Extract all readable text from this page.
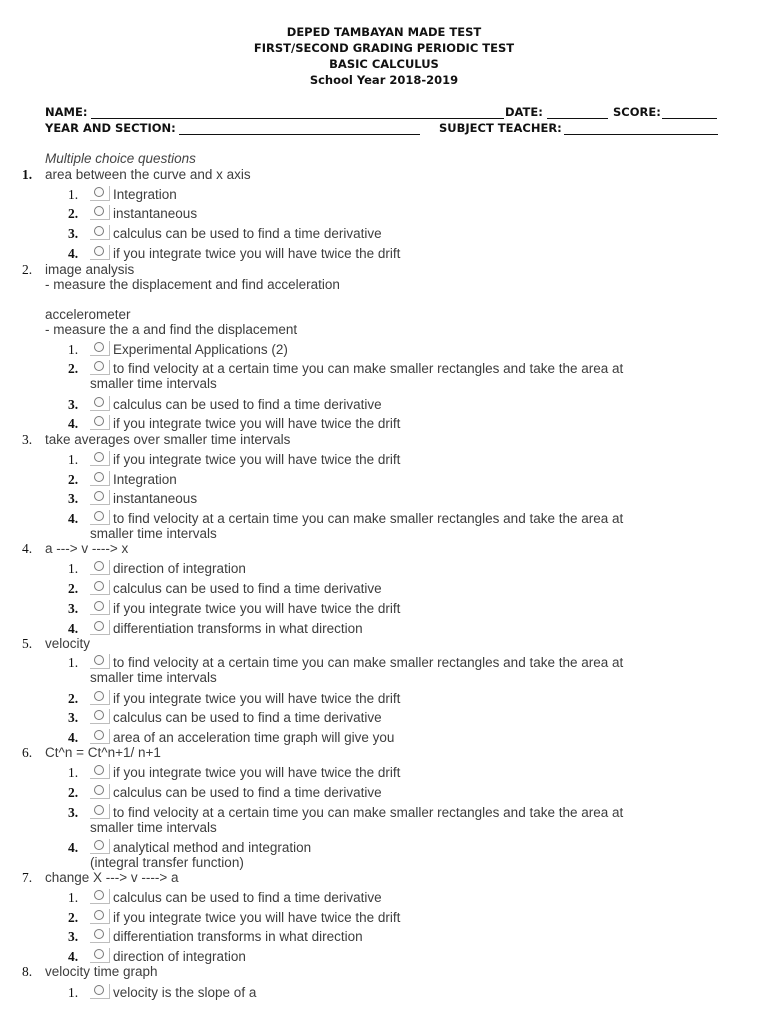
DEPED TAMBAYAN MADE TEST
FIRST/SECOND GRADING PERIODIC TEST
BASIC CALCULUS
School Year 2018-2019
NAME:	DATE:	SCORE:
YEAR AND SECTION:	SUBJECT TEACHER:
Multiple choice questions
1. area between the curve and x axis
1.	Integration
2.	instantaneous
3.	calculus can be used to find a time derivative
4.	if you integrate twice you will have twice the drift
2. image analysis
- measure the displacement and find acceleration
accelerometer
- measure the a and find the displacement
1.	Experimental Applications (2)
2.	to find velocity at a certain time you can make smaller rectangles and take the area at
smaller time intervals
3.	calculus can be used to find a time derivative
4.	if you integrate twice you will have twice the drift
3. take averages over smaller time intervals
1.	if you integrate twice you will have twice the drift
2.	Integration
3.	instantaneous
4.	to find velocity at a certain time you can make smaller rectangles and take the area at
smaller time intervals
4. a ---> v ----> x
1.	direction of integration
2.	calculus can be used to find a time derivative
3.	if you integrate twice you will have twice the drift
4.	differentiation transforms in what direction
5. velocity
1.	to find velocity at a certain time you can make smaller rectangles and take the area at
smaller time intervals
2.	if you integrate twice you will have twice the drift
3.	calculus can be used to find a time derivative
4.	area of an acceleration time graph will give you
6. Ct^n = Ct^n+1/ n+1
1.	if you integrate twice you will have twice the drift
2.	calculus can be used to find a time derivative
3.	to find velocity at a certain time you can make smaller rectangles and take the area at
smaller time intervals
4.	analytical method and integration
(integral transfer function)
7. change X ---> v ----> a
1.	calculus can be used to find a time derivative
2.	if you integrate twice you will have twice the drift
3.	differentiation transforms in what direction
4.	direction of integration
8. velocity time graph
1.	velocity is the slope of a
